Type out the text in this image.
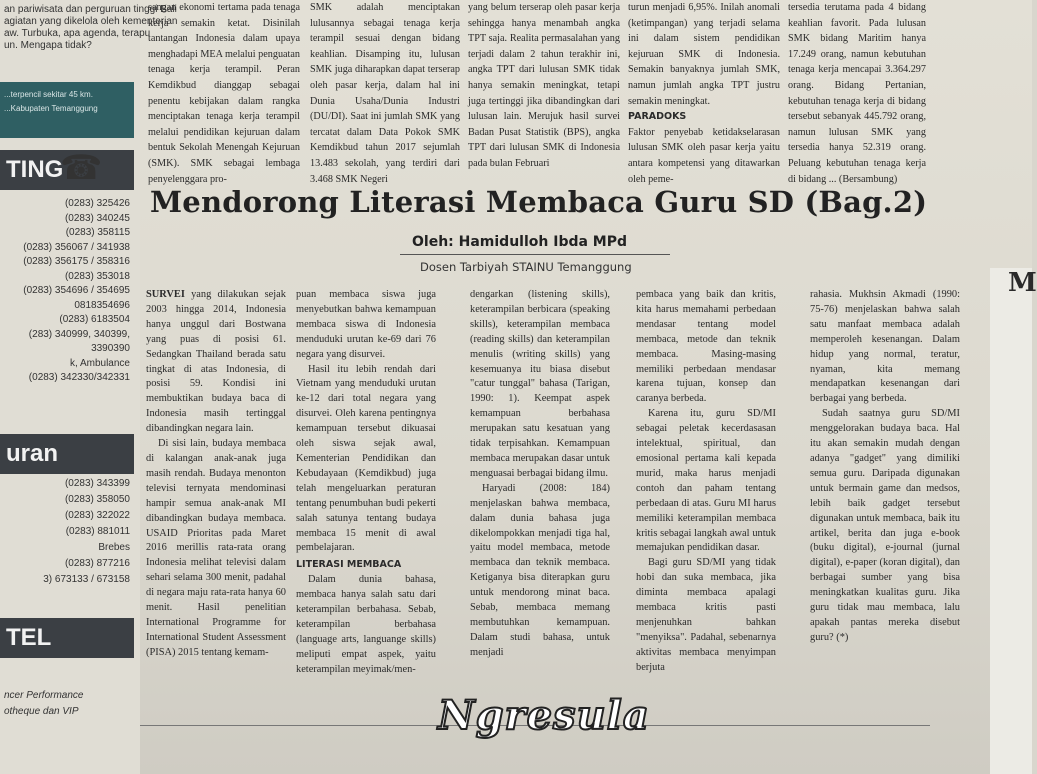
an pariwisata dan perguruan tinggi Bali
agiatan yang dikelola oleh kementerian
aw. Turbuka, apa agenda, terapu
un. Mengapa tidak?
...terpencil sekitar 45 km.
...Kabupaten Temanggung
TING
☎
(0283) 325426
(0283) 340245
(0283) 358115
(0283) 356067 / 341938
(0283) 356175 / 358316
(0283) 353018
(0283) 354696 / 354695
0818354696
(0283) 6183504
(283) 340999, 340399,
3390390
k, Ambulance
(0283) 342330/342331
uran
(0283) 343399
(0283) 358050
(0283) 322022
(0283) 881011
Brebes
(0283) 877216
3) 673133 / 673158
TEL
ncer Performance
otheque dan VIP

sangan ekonomi tertama pada tenaga kerja semakin ketat. Disinilah tantangan Indonesia dalam upaya menghadapi MEA melalui penguatan tenaga kerja terampil. Peran Kemdikbud dianggap sebagai penentu kebijakan dalam rangka menciptakan tenaga kerja terampil melalui pendidikan kejuruan dalam bentuk Sekolah Menengah Kejuruan (SMK). SMK sebagai lembaga penyelenggara pro-

SMK adalah menciptakan lulusannya sebagai tenaga kerja terampil sesuai dengan bidang keahlian. Disamping itu, lulusan SMK juga diharapkan dapat terserap oleh pasar kerja, dalam hal ini Dunia Usaha/Dunia Industri (DU/DI). Saat ini jumlah SMK yang tercatat dalam Data Pokok SMK Kemdikbud tahun 2017 sejumlah 13.483 sekolah, yang terdiri dari 3.468 SMK Negeri

yang belum terserap oleh pasar kerja sehingga hanya menambah angka TPT saja. Realita permasalahan yang terjadi dalam 2 tahun terakhir ini, angka TPT dari lulusan SMK tidak hanya semakin meningkat, tetapi juga tertinggi jika dibandingkan dari lulusan lain. Merujuk hasil survei Badan Pusat Statistik (BPS), angka TPT dari lulusan SMK di Indonesia pada bulan Februari

turun menjadi 6,95%. Inilah anomali (ketimpangan) yang terjadi selama ini dalam sistem pendidikan kejuruan SMK di Indonesia. Semakin banyaknya jumlah SMK, namun jumlah angka TPT justru semakin meningkat.

PARADOKS

Faktor penyebab ketidakselarasan lulusan SMK oleh pasar kerja yaitu antara kompetensi yang ditawarkan oleh peme-

tersedia terutama pada 4 bidang keahlian favorit. Pada lulusan SMK bidang Maritim hanya 17.249 orang, namun kebutuhan tenaga kerja mencapai 3.364.297 orang. Bidang Pertanian, kebutuhan tenaga kerja di bidang tersebut sebanyak 445.792 orang, namun lulusan SMK yang tersedia hanya 52.319 orang. Peluang kebutuhan tenaga kerja di bidang ... (Bersambung)

Mendorong Literasi Membaca Guru SD (Bag.2)
Oleh: Hamidulloh Ibda MPd
Dosen Tarbiyah STAINU Temanggung

SURVEI yang dilakukan sejak 2003 hingga 2014, Indonesia hanya unggul dari Bostwana yang puas di posisi 61. Sedangkan Thailand berada satu tingkat di atas Indonesia, di posisi 59. Kondisi ini membuktikan budaya baca di Indonesia masih tertinggal dibandingkan negara lain.

Di sisi lain, budaya membaca di kalangan anak-anak juga masih rendah. Budaya menonton televisi ternyata mendominasi hampir semua anak-anak MI dibandingkan budaya membaca. USAID Prioritas pada Maret 2016 merillis rata-rata orang Indonesia melihat televisi dalam sehari selama 300 menit, padahal di negara maju rata-rata hanya 60 menit. Hasil penelitian International Programme for International Student Assessment (PISA) 2015 tentang kemam-

puan membaca siswa juga menyebutkan bahwa kemampuan membaca siswa di Indonesia menduduki urutan ke-69 dari 76 negara yang disurvei.

Hasil itu lebih rendah dari Vietnam yang menduduki urutan ke-12 dari total negara yang disurvei. Oleh karena pentingnya kemampuan tersebut dikuasai oleh siswa sejak awal, Kementerian Pendidikan dan Kebudayaan (Kemdikbud) juga telah mengeluarkan peraturan tentang penumbuhan budi pekerti salah satunya tentang budaya membaca 15 menit di awal pembelajaran.

LITERASI MEMBACA

Dalam dunia bahasa, membaca hanya salah satu dari keterampilan berbahasa. Sebab, keterampilan berbahasa (language arts, languange skills) meliputi empat aspek, yaitu keterampilan meyimak/men-

dengarkan (listening skills), keterampilan berbicara (speaking skills), keterampilan membaca (reading skills) dan keterampilan menulis (writing skills) yang kesemuanya itu biasa disebut "catur tunggal" bahasa (Tarigan, 1990: 1). Keempat aspek kemampuan berbahasa merupakan satu kesatuan yang tidak terpisahkan. Kemampuan membaca merupakan dasar untuk menguasai berbagai bidang ilmu.

Haryadi (2008: 184) menjelaskan bahwa membaca, dalam dunia bahasa juga dikelompokkan menjadi tiga hal, yaitu model membaca, metode membaca dan teknik membaca. Ketiganya bisa diterapkan guru untuk mendorong minat baca. Sebab, membaca memang membutuhkan kemampuan. Dalam studi bahasa, untuk menjadi

pembaca yang baik dan kritis, kita harus memahami perbedaan mendasar tentang model membaca, metode dan teknik membaca. Masing-masing memiliki perbedaan mendasar karena tujuan, konsep dan caranya berbeda.

Karena itu, guru SD/MI sebagai peletak kecerdasasan intelektual, spiritual, dan emosional pertama kali kepada murid, maka harus menjadi contoh dan paham tentang perbedaan di atas. Guru MI harus memiliki keterampilan membaca kritis sebagai langkah awal untuk memajukan pendidikan dasar.

Bagi guru SD/MI yang tidak hobi dan suka membaca, jika diminta membaca apalagi membaca kritis pasti menjenuhkan bahkan "menyiksa". Padahal, sebenarnya aktivitas membaca menyimpan berjuta

rahasia. Mukhsin Akmadi (1990: 75-76) menjelaskan bahwa salah satu manfaat membaca adalah memperoleh kesenangan. Dalam hidup yang normal, teratur, nyaman, kita memang mendapatkan kesenangan dari berbagai yang berbeda.

Sudah saatnya guru SD/MI menggelorakan budaya baca. Hal itu akan semakin mudah dengan adanya "gadget" yang dimiliki semua guru. Daripada digunakan untuk bermain game dan medsos, lebih baik gadget tersebut digunakan untuk membaca, baik itu artikel, berita dan juga e-book (buku digital), e-journal (jurnal digital), e-paper (koran digital), dan berbagai sumber yang bisa meningkatkan kualitas guru. Jika guru tidak mau membaca, lalu apakah pantas mereka disebut guru? (*)

Ngresula
M
